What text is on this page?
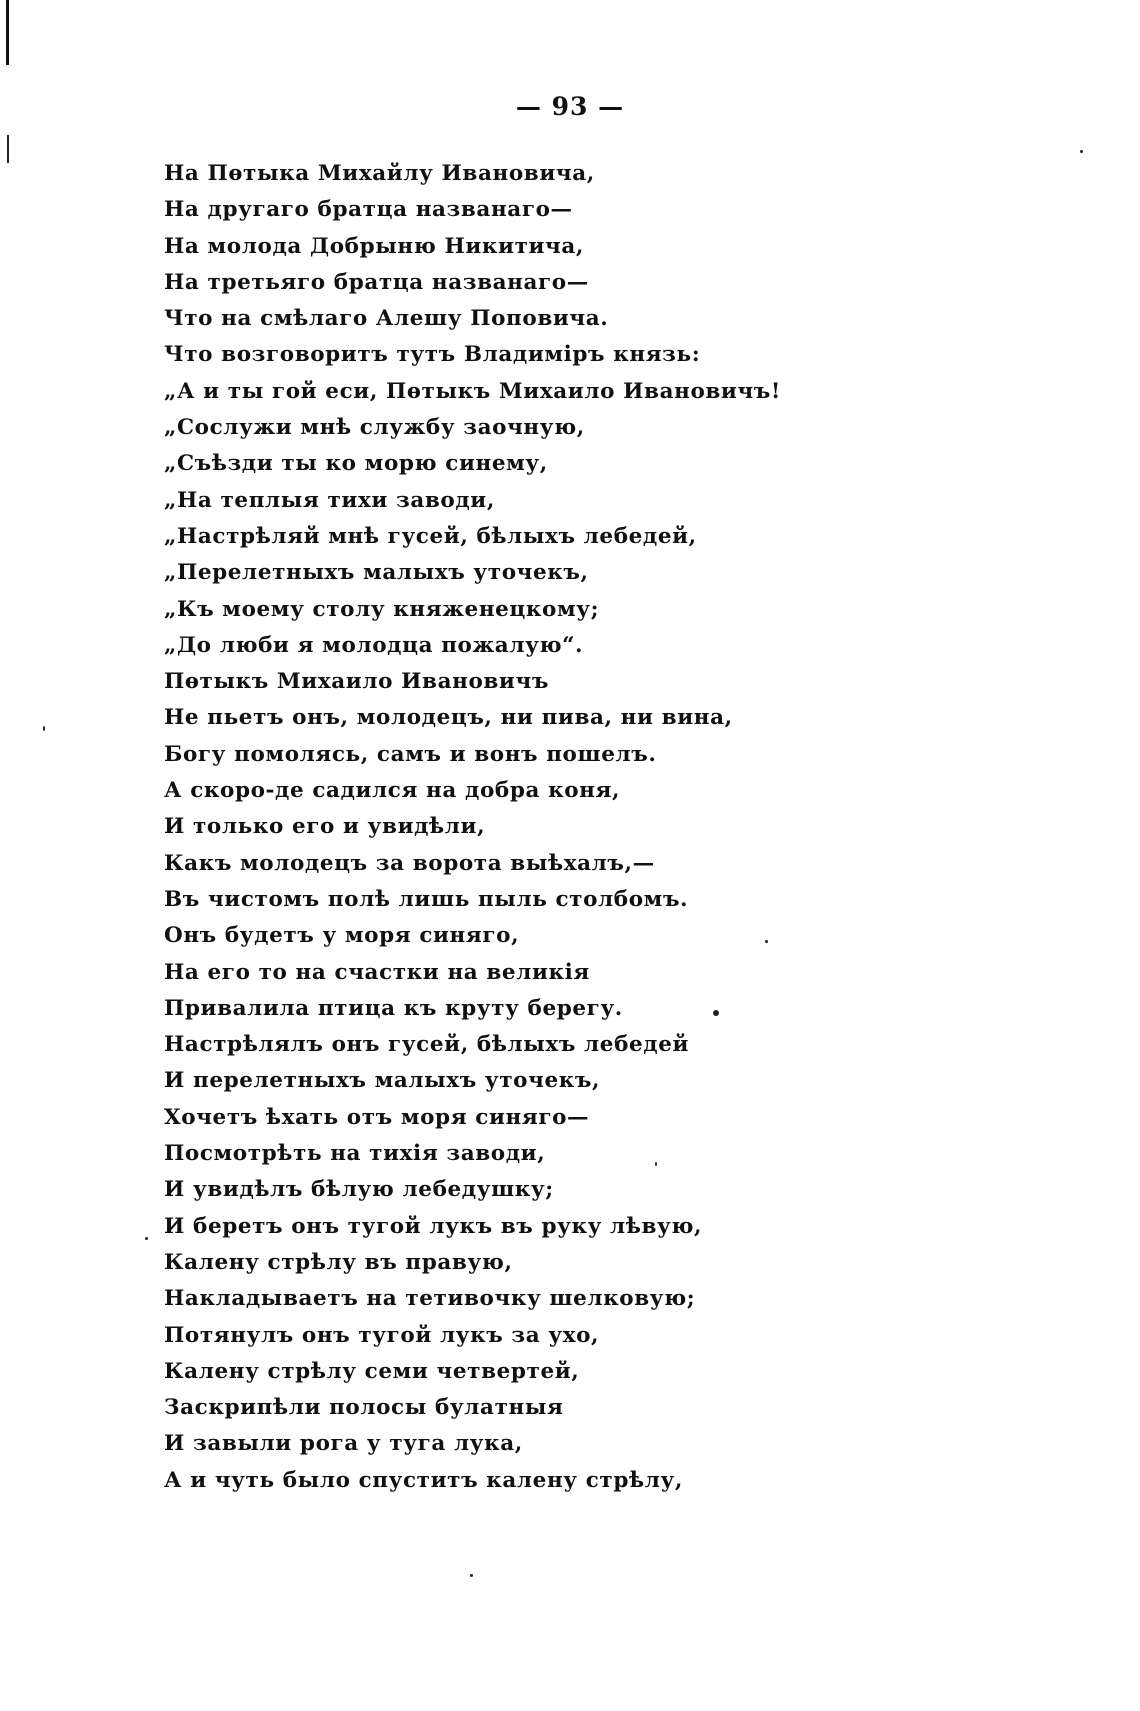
— 93 —
На Пѳтыка Михайлу Ивановича,
На другаго братца названаго—
На молода Добрыню Никитича,
На третьяго братца названаго—
Что на смѣлаго Алешу Поповича.
Что возговоритъ тутъ Владиміръ князь:
„А и ты гой еси, Пѳтыкъ Михаило Ивановичъ!
„Сослужи мнѣ службу заочную,
„Съѣзди ты ко морю синему,
„На теплыя тихи заводи,
„Настрѣляй мнѣ гусей, бѣлыхъ лебедей,
„Перелетныхъ малыхъ уточекъ,
„Къ моему столу княженецкому;
„До люби я молодца пожалую“.
Пѳтыкъ Михаило Ивановичъ
Не пьетъ онъ, молодецъ, ни пива, ни вина,
Богу помолясь, самъ и вонъ пошелъ.
А скоро-де садился на добра коня,
И только его и увидѣли,
Какъ молодецъ за ворота выѣхалъ,—
Въ чистомъ полѣ лишь пыль столбомъ.
Онъ будетъ у моря синяго,
На его то на счастки на великія
Привалила птица къ круту берегу.
Настрѣлялъ онъ гусей, бѣлыхъ лебедей
И перелетныхъ малыхъ уточекъ,
Хочетъ ѣхать отъ моря синяго—
Посмотрѣть на тихія заводи,
И увидѣлъ бѣлую лебедушку;
И беретъ онъ тугой лукъ въ руку лѣвую,
Калену стрѣлу въ правую,
Накладываетъ на тетивочку шелковую;
Потянулъ онъ тугой лукъ за ухо,
Калену стрѣлу семи четвертей,
Заскрипѣли полосы булатныя
И завыли рога у туга лука,
А и чуть было спуститъ калену стрѣлу,
